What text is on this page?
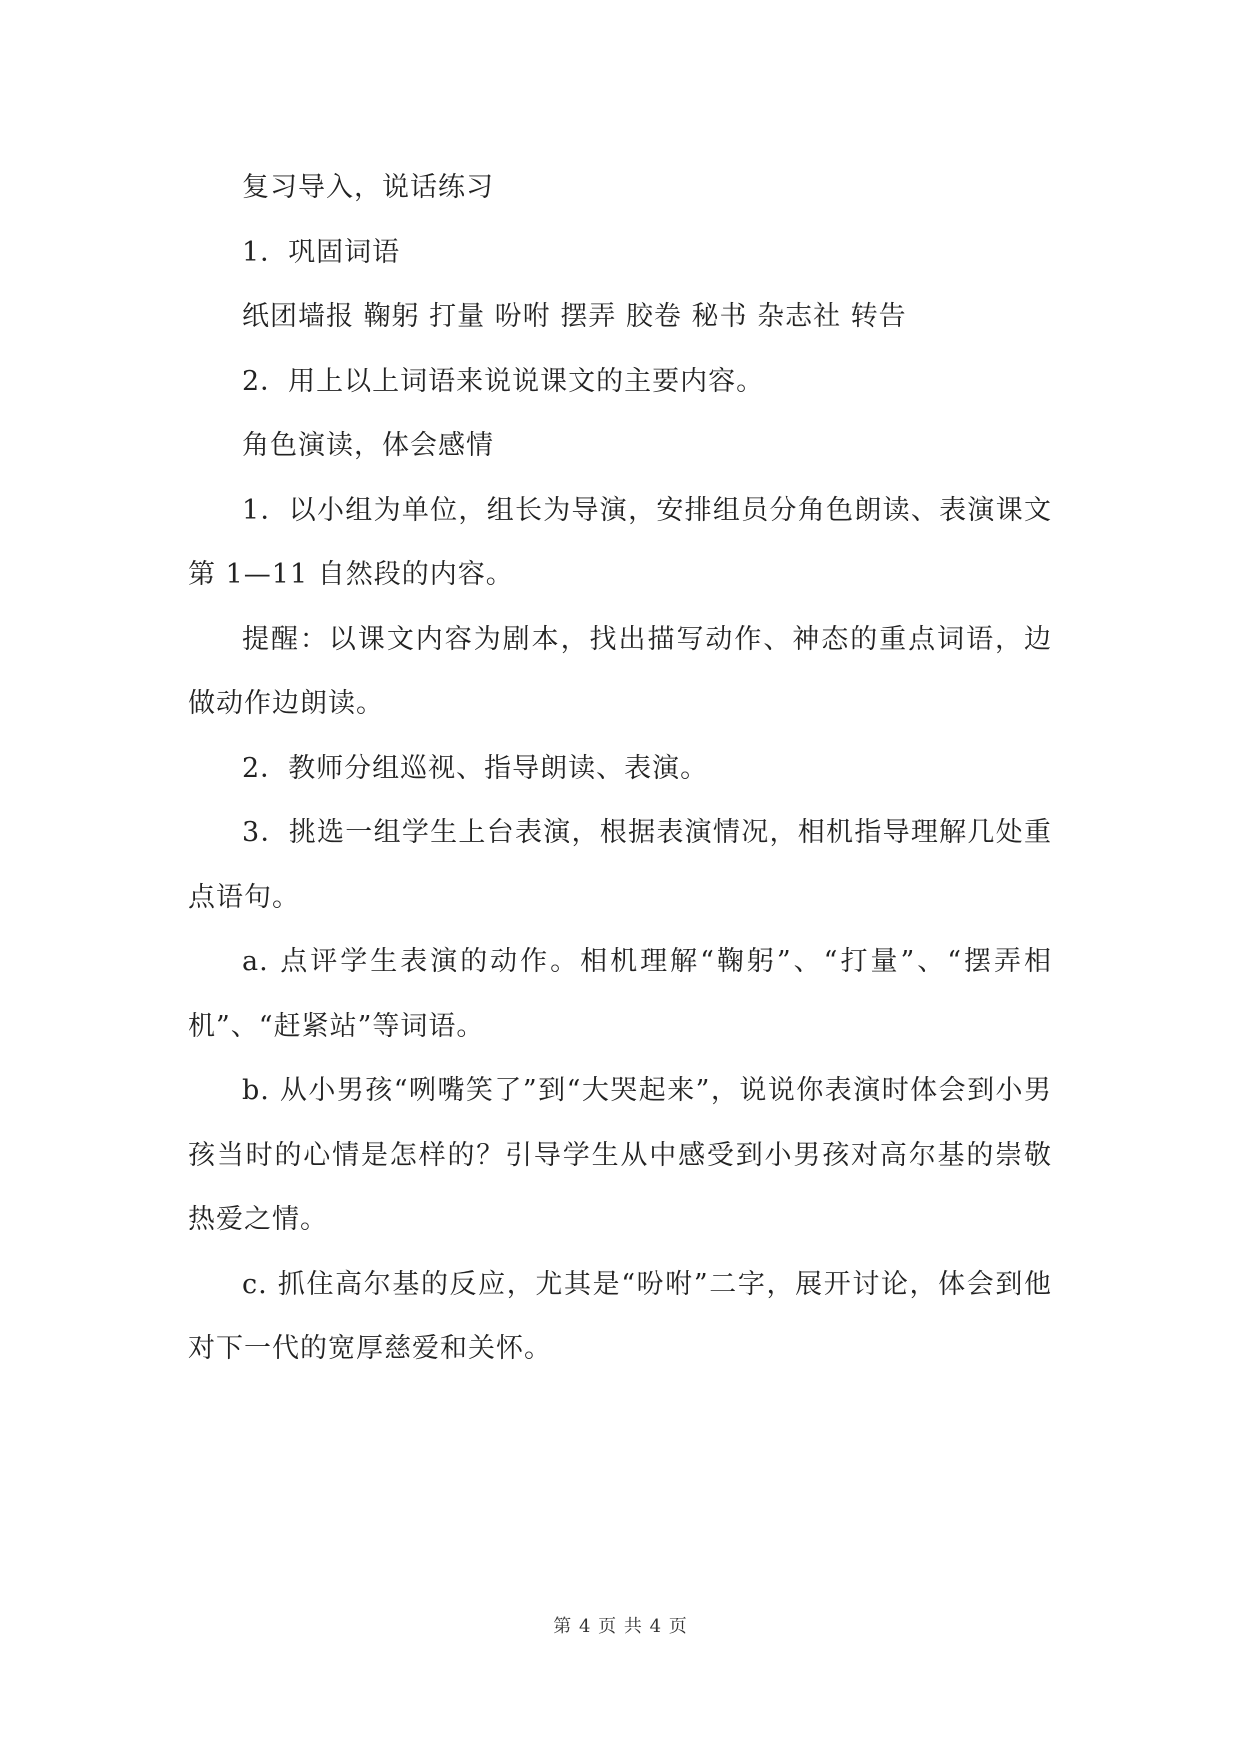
复习导入，说话练习

1．巩固词语

纸团墙报 鞠躬 打量 吩咐 摆弄 胶卷 秘书 杂志社 转告

2．用上以上词语来说说课文的主要内容。

角色演读，体会感情

1．以小组为单位，组长为导演，安排组员分角色朗读、表演课文第 1—11 自然段的内容。

提醒：以课文内容为剧本，找出描写动作、神态的重点词语，边做动作边朗读。

2．教师分组巡视、指导朗读、表演。

3．挑选一组学生上台表演，根据表演情况，相机指导理解几处重点语句。

a. 点评学生表演的动作。相机理解“鞠躬”、“打量”、“摆弄相机”、“赶紧站”等词语。

b. 从小男孩“咧嘴笑了”到“大哭起来”，说说你表演时体会到小男孩当时的心情是怎样的？引导学生从中感受到小男孩对高尔基的崇敬热爱之情。

c. 抓住高尔基的反应，尤其是“吩咐”二字，展开讨论，体会到他对下一代的宽厚慈爱和关怀。

第 4 页 共 4 页
